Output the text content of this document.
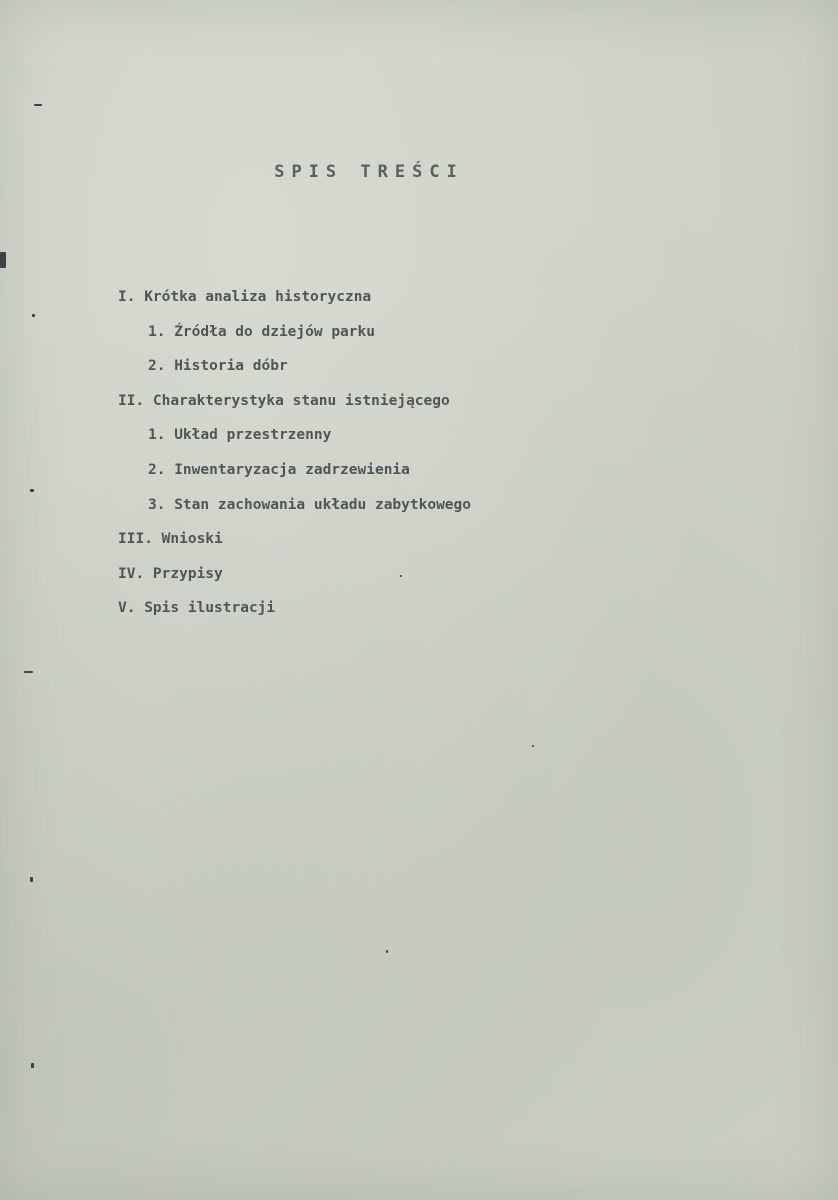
SPIS TREŚCI
I. Krótka analiza historyczna
1. Źródła do dziejów parku
2. Historia dóbr
II. Charakterystyka stanu istniejącego
1. Układ przestrzenny
2. Inwentaryzacja zadrzewienia
3. Stan zachowania układu zabytkowego
III. Wnioski
IV. Przypisy
V. Spis ilustracji
